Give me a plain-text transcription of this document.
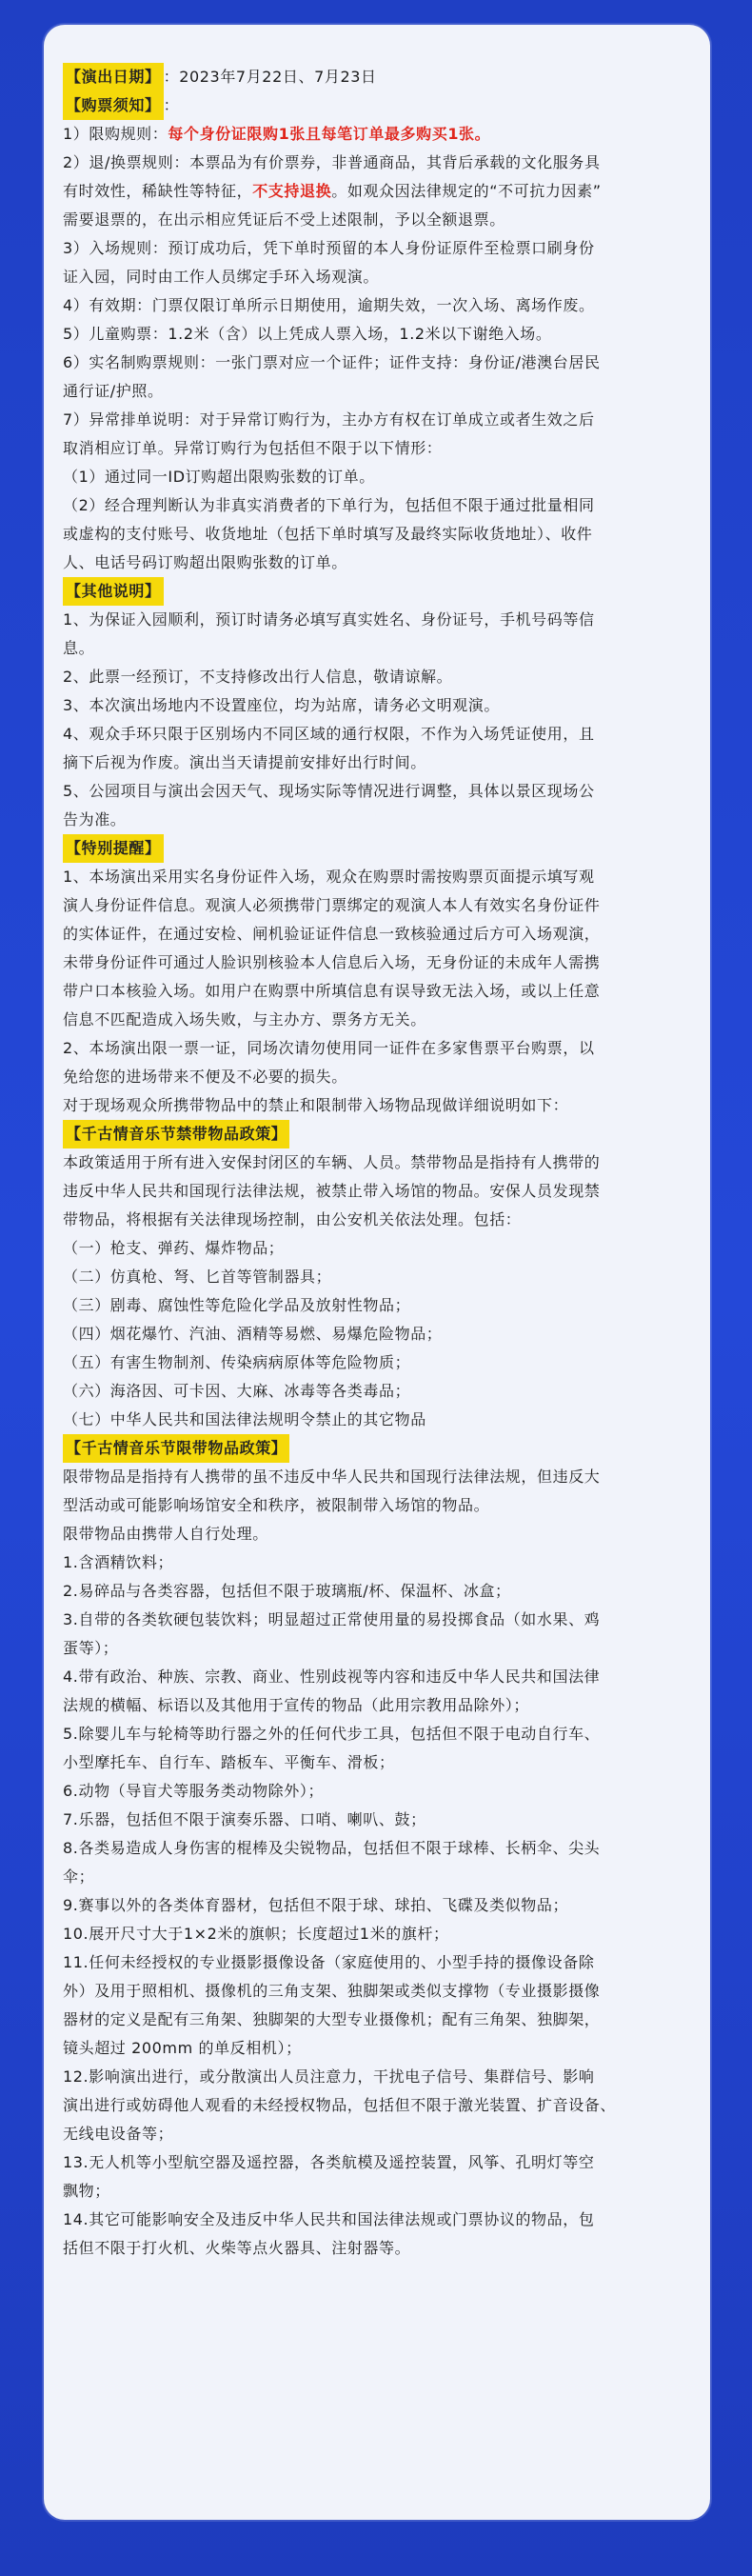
【演出日期】 ：2023年7月22日、7月23日

【购票须知】 ：

1）限购规则：每个身份证限购1张且每笔订单最多购买1张。

2）退/换票规则：本票品为有价票券，非普通商品，其背后承载的文化服务具

有时效性，稀缺性等特征，不支持退换。如观众因法律规定的“不可抗力因素”

需要退票的，在出示相应凭证后不受上述限制，予以全额退票。

3）入场规则：预订成功后，凭下单时预留的本人身份证原件至检票口刷身份

证入园，同时由工作人员绑定手环入场观演。

4）有效期：门票仅限订单所示日期使用，逾期失效，一次入场、离场作废。

5）儿童购票：1.2米（含）以上凭成人票入场，1.2米以下谢绝入场。

6）实名制购票规则：一张门票对应一个证件；证件支持：身份证/港澳台居民

通行证/护照。

7）异常排单说明：对于异常订购行为，主办方有权在订单成立或者生效之后

取消相应订单。异常订购行为包括但不限于以下情形：

（1）通过同一ID订购超出限购张数的订单。

（2）经合理判断认为非真实消费者的下单行为，包括但不限于通过批量相同

或虚构的支付账号、收货地址（包括下单时填写及最终实际收货地址）、收件

人、电话号码订购超出限购张数的订单。

【其他说明】

1、为保证入园顺利，预订时请务必填写真实姓名、身份证号，手机号码等信

息。

2、此票一经预订，不支持修改出行人信息，敬请谅解。

3、本次演出场地内不设置座位，均为站席，请务必文明观演。

4、观众手环只限于区别场内不同区域的通行权限，不作为入场凭证使用，且

摘下后视为作废。演出当天请提前安排好出行时间。

5、公园项目与演出会因天气、现场实际等情况进行调整，具体以景区现场公

告为准。

【特别提醒】

1、本场演出采用实名身份证件入场，观众在购票时需按购票页面提示填写观

演人身份证件信息。观演人必须携带门票绑定的观演人本人有效实名身份证件

的实体证件，在通过安检、闸机验证证件信息一致核验通过后方可入场观演，

未带身份证件可通过人脸识别核验本人信息后入场，无身份证的未成年人需携

带户口本核验入场。如用户在购票中所填信息有误导致无法入场，或以上任意

信息不匹配造成入场失败，与主办方、票务方无关。

2、本场演出限一票一证，同场次请勿使用同一证件在多家售票平台购票，以

免给您的进场带来不便及不必要的损失。

对于现场观众所携带物品中的禁止和限制带入场物品现做详细说明如下：

【千古情音乐节禁带物品政策】

本政策适用于所有进入安保封闭区的车辆、人员。禁带物品是指持有人携带的

违反中华人民共和国现行法律法规，被禁止带入场馆的物品。安保人员发现禁

带物品，将根据有关法律现场控制，由公安机关依法处理。包括：

（一）枪支、弹药、爆炸物品；

（二）仿真枪、弩、匕首等管制器具；

（三）剧毒、腐蚀性等危险化学品及放射性物品；

（四）烟花爆竹、汽油、酒精等易燃、易爆危险物品；

（五）有害生物制剂、传染病病原体等危险物质；

（六）海洛因、可卡因、大麻、冰毒等各类毒品；

（七）中华人民共和国法律法规明令禁止的其它物品

【千古情音乐节限带物品政策】

限带物品是指持有人携带的虽不违反中华人民共和国现行法律法规，但违反大

型活动或可能影响场馆安全和秩序，被限制带入场馆的物品。

限带物品由携带人自行处理。

1.含酒精饮料；

2.易碎品与各类容器，包括但不限于玻璃瓶/杯、保温杯、冰盒；

3.自带的各类软硬包装饮料；明显超过正常使用量的易投掷食品（如水果、鸡

蛋等）；

4.带有政治、种族、宗教、商业、性别歧视等内容和违反中华人民共和国法律

法规的横幅、标语以及其他用于宣传的物品（此用宗教用品除外）；

5.除婴儿车与轮椅等助行器之外的任何代步工具，包括但不限于电动自行车、

小型摩托车、自行车、踏板车、平衡车、滑板；

6.动物（导盲犬等服务类动物除外）；

7.乐器，包括但不限于演奏乐器、口哨、喇叭、鼓；

8.各类易造成人身伤害的棍棒及尖锐物品，包括但不限于球棒、长柄伞、尖头

伞；

9.赛事以外的各类体育器材，包括但不限于球、球拍、飞碟及类似物品；

10.展开尺寸大于1×2米的旗帜；长度超过1米的旗杆；

11.任何未经授权的专业摄影摄像设备（家庭使用的、小型手持的摄像设备除

外）及用于照相机、摄像机的三角支架、独脚架或类似支撑物（专业摄影摄像

器材的定义是配有三角架、独脚架的大型专业摄像机；配有三角架、独脚架，

镜头超过 200mm 的单反相机）；

12.影响演出进行，或分散演出人员注意力，干扰电子信号、集群信号、影响

演出进行或妨碍他人观看的未经授权物品，包括但不限于激光装置、扩音设备、

无线电设备等；

13.无人机等小型航空器及遥控器，各类航模及遥控装置，风筝、孔明灯等空

飘物；

14.其它可能影响安全及违反中华人民共和国法律法规或门票协议的物品，包

括但不限于打火机、火柴等点火器具、注射器等。
